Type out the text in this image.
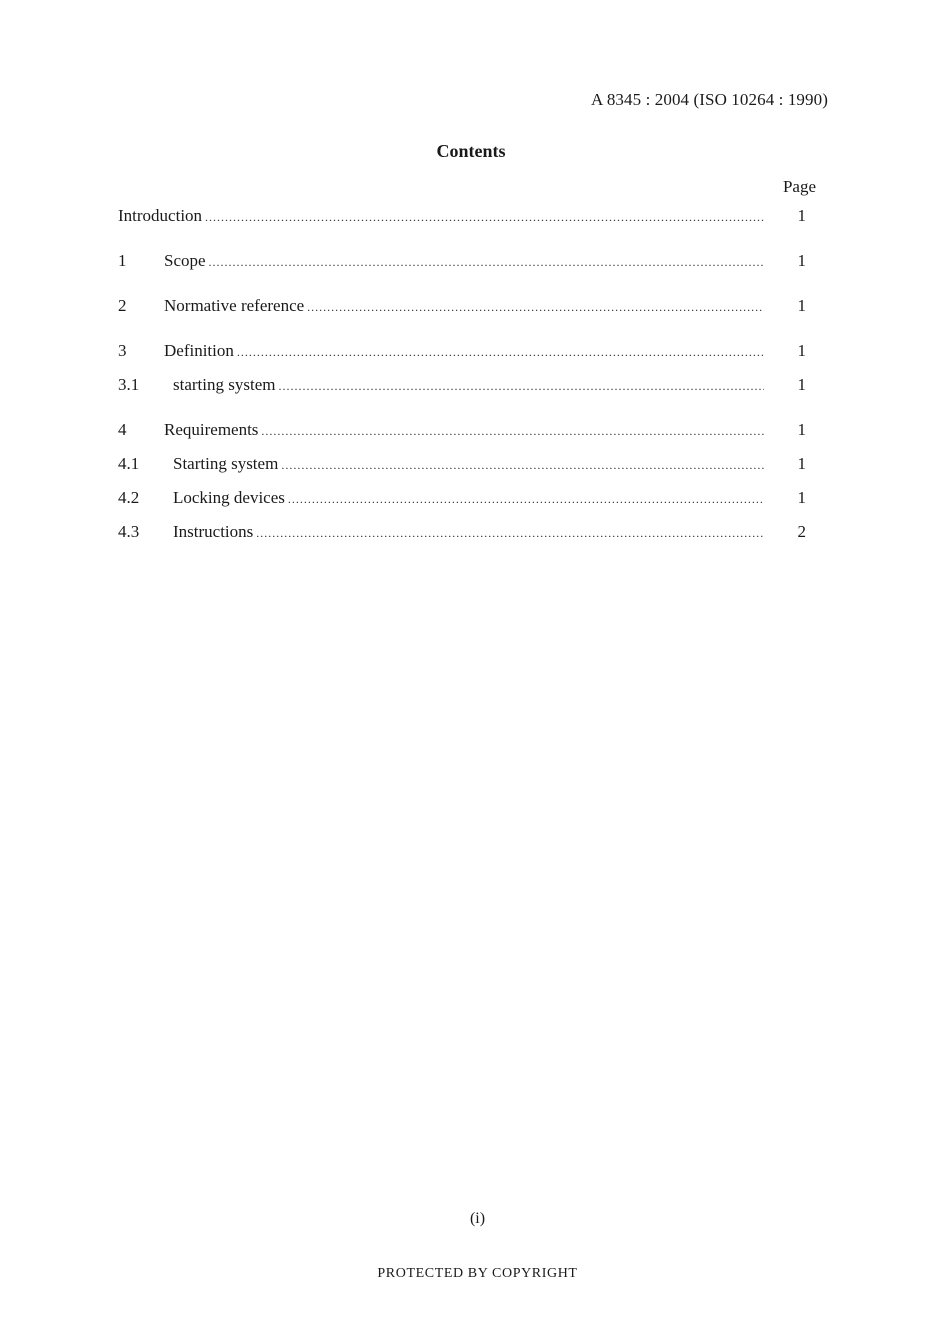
A 8345 : 2004 (ISO 10264 : 1990)
Contents
Page
Introduction .....	1
1	Scope .....	1
2	Normative reference .....	1
3	Definition .....	1
3.1	starting system .....	1
4	Requirements .....	1
4.1	Starting system .....	1
4.2	Locking devices .....	1
4.3	Instructions .....	2
(i)
PROTECTED BY COPYRIGHT
